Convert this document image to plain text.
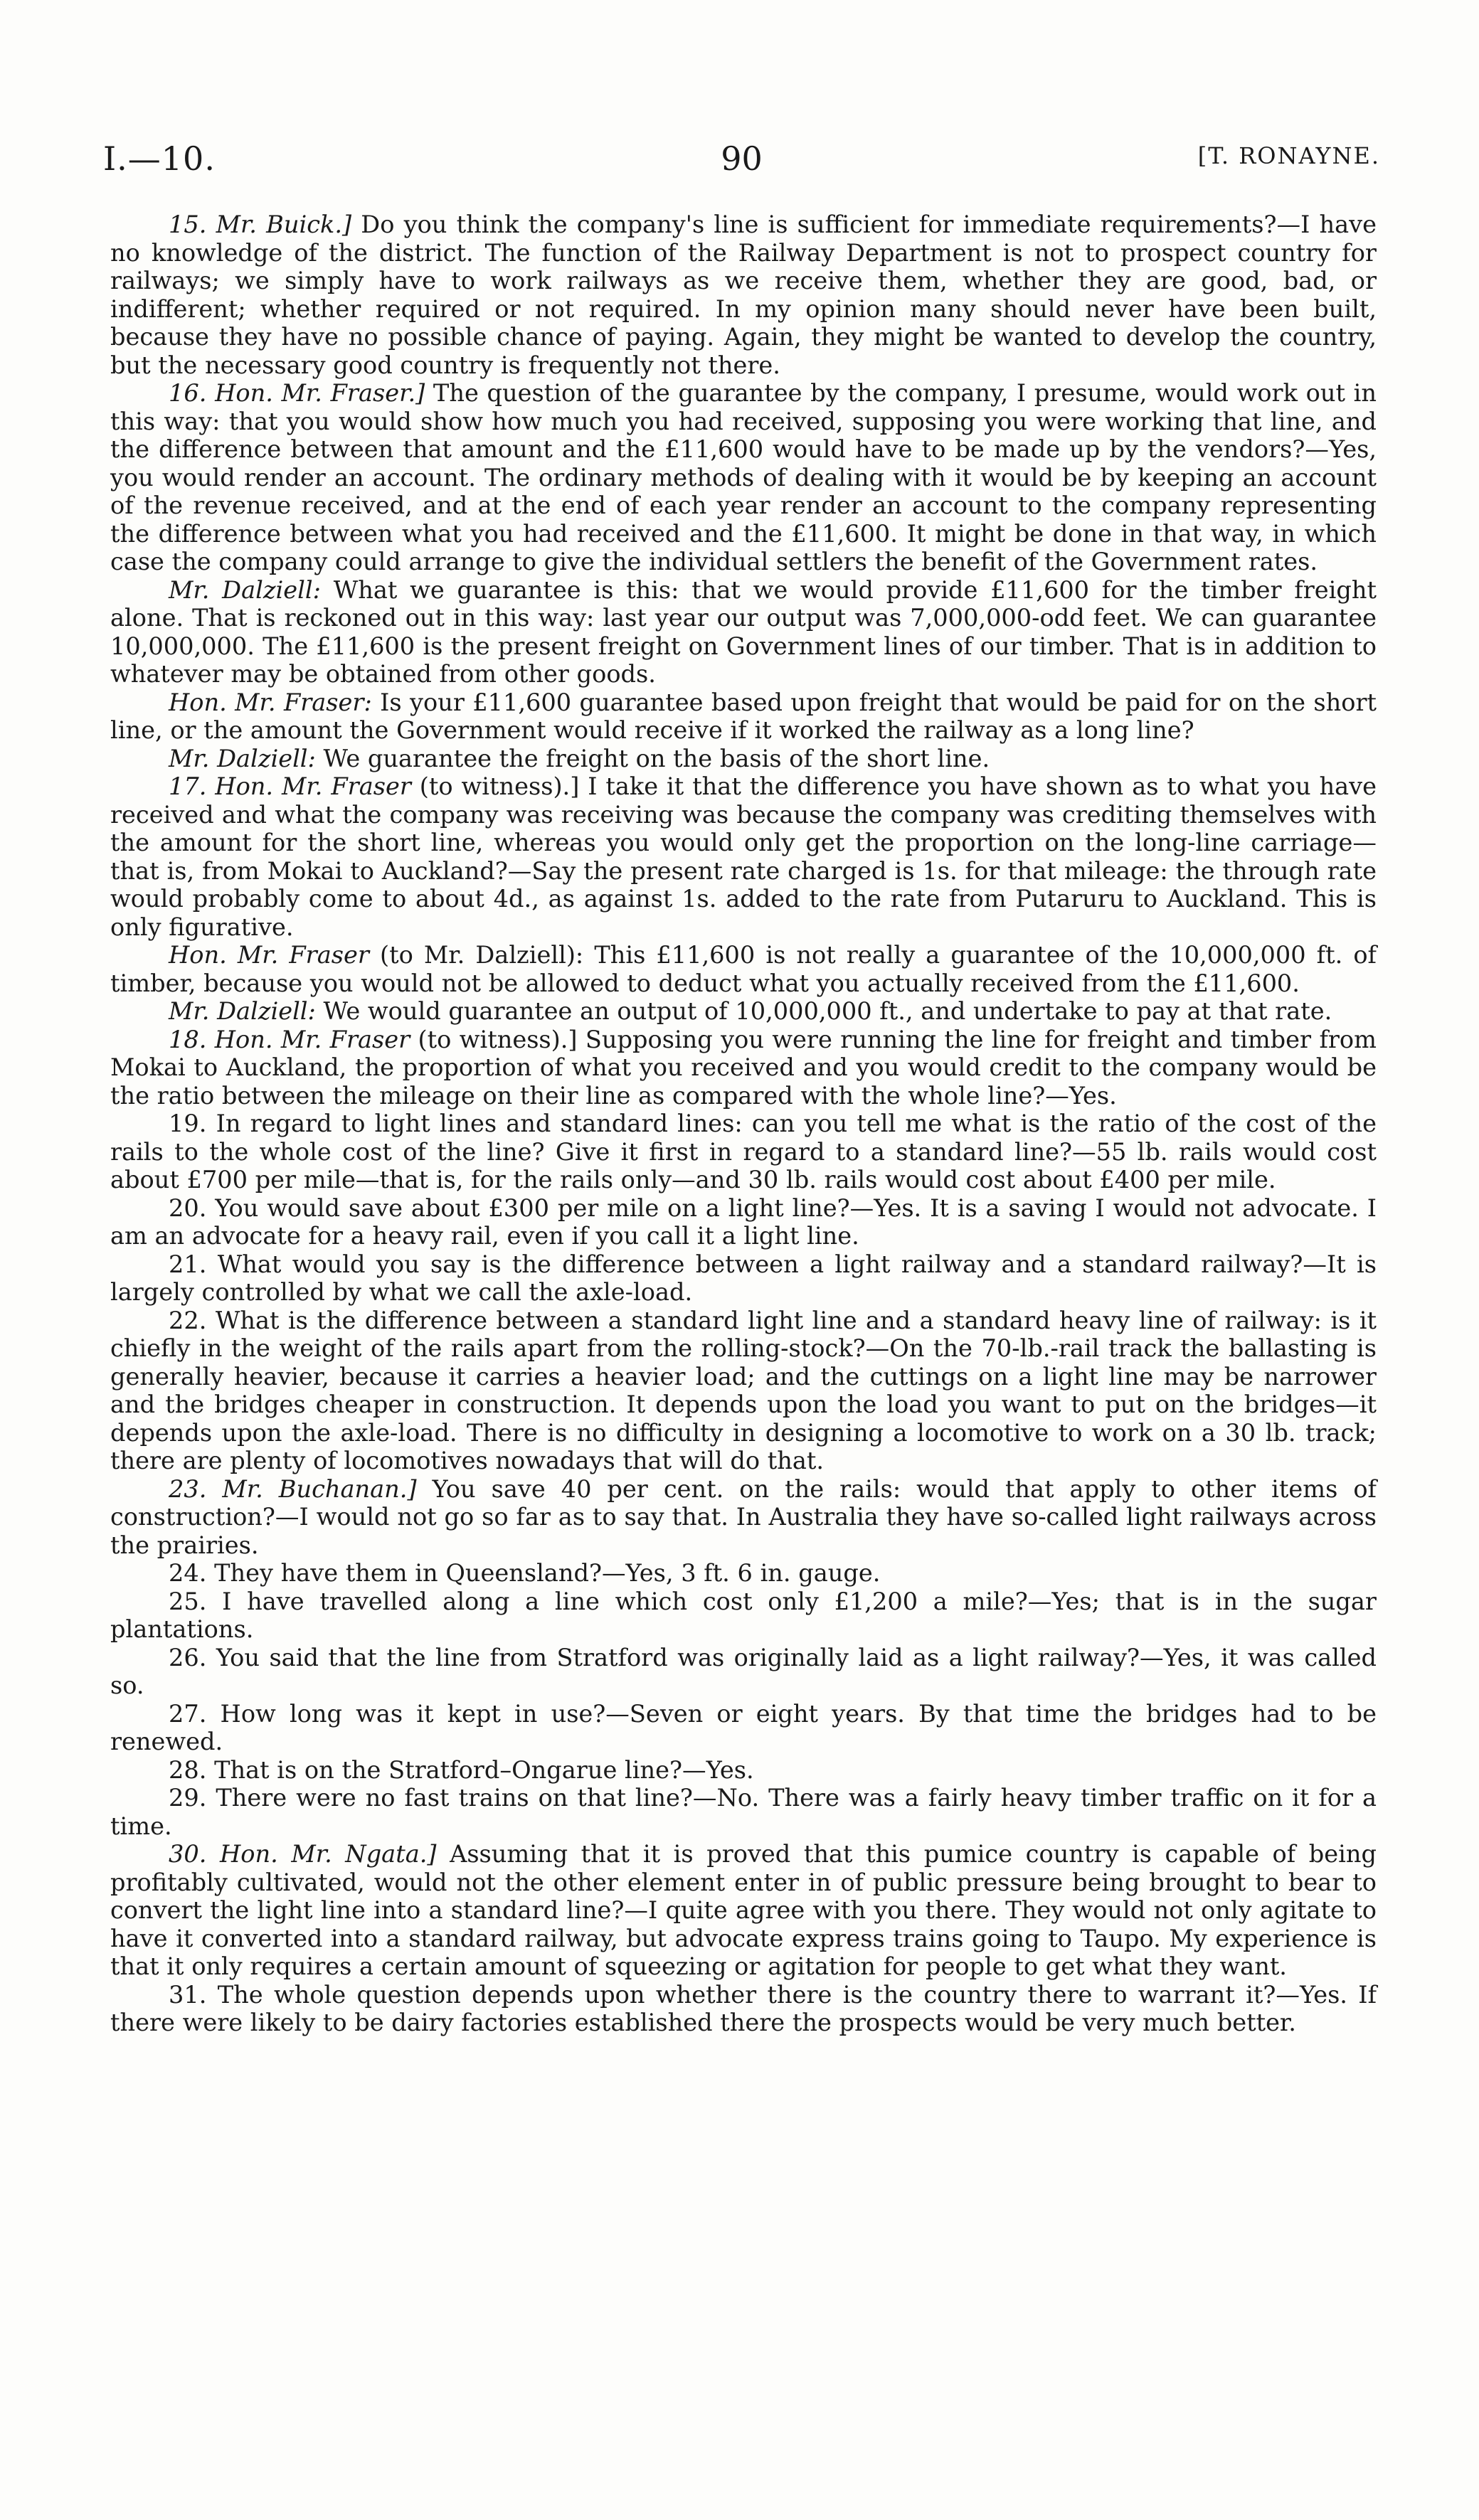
I.—10.	90	[T. RONAYNE.

15. Mr. Buick.] Do you think the company's line is sufficient for immediate requirements?—I have no knowledge of the district. The function of the Railway Department is not to prospect country for railways; we simply have to work railways as we receive them, whether they are good, bad, or indifferent; whether required or not required. In my opinion many should never have been built, because they have no possible chance of paying. Again, they might be wanted to develop the country, but the necessary good country is frequently not there.

16. Hon. Mr. Fraser.] The question of the guarantee by the company, I presume, would work out in this way: that you would show how much you had received, supposing you were working that line, and the difference between that amount and the £11,600 would have to be made up by the vendors?—Yes, you would render an account. The ordinary methods of dealing with it would be by keeping an account of the revenue received, and at the end of each year render an account to the company representing the difference between what you had received and the £11,600. It might be done in that way, in which case the company could arrange to give the individual settlers the benefit of the Government rates.

Mr. Dalziell: What we guarantee is this: that we would provide £11,600 for the timber freight alone. That is reckoned out in this way: last year our output was 7,000,000-odd feet. We can guarantee 10,000,000. The £11,600 is the present freight on Government lines of our timber. That is in addition to whatever may be obtained from other goods.

Hon. Mr. Fraser: Is your £11,600 guarantee based upon freight that would be paid for on the short line, or the amount the Government would receive if it worked the railway as a long line?

Mr. Dalziell: We guarantee the freight on the basis of the short line.

17. Hon. Mr. Fraser (to witness).] I take it that the difference you have shown as to what you have received and what the company was receiving was because the company was crediting themselves with the amount for the short line, whereas you would only get the proportion on the long-line carriage—that is, from Mokai to Auckland?—Say the present rate charged is 1s. for that mileage: the through rate would probably come to about 4d., as against 1s. added to the rate from Putaruru to Auckland. This is only figurative.

Hon. Mr. Fraser (to Mr. Dalziell): This £11,600 is not really a guarantee of the 10,000,000 ft. of timber, because you would not be allowed to deduct what you actually received from the £11,600.

Mr. Dalziell: We would guarantee an output of 10,000,000 ft., and undertake to pay at that rate.

18. Hon. Mr. Fraser (to witness).] Supposing you were running the line for freight and timber from Mokai to Auckland, the proportion of what you received and you would credit to the company would be the ratio between the mileage on their line as compared with the whole line?—Yes.

19. In regard to light lines and standard lines: can you tell me what is the ratio of the cost of the rails to the whole cost of the line? Give it first in regard to a standard line?—55 lb. rails would cost about £700 per mile—that is, for the rails only—and 30 lb. rails would cost about £400 per mile.

20. You would save about £300 per mile on a light line?—Yes. It is a saving I would not advocate. I am an advocate for a heavy rail, even if you call it a light line.

21. What would you say is the difference between a light railway and a standard railway?—It is largely controlled by what we call the axle-load.

22. What is the difference between a standard light line and a standard heavy line of railway: is it chiefly in the weight of the rails apart from the rolling-stock?—On the 70-lb.-rail track the ballasting is generally heavier, because it carries a heavier load; and the cuttings on a light line may be narrower and the bridges cheaper in construction. It depends upon the load you want to put on the bridges—it depends upon the axle-load. There is no difficulty in designing a locomotive to work on a 30 lb. track; there are plenty of locomotives nowadays that will do that.

23. Mr. Buchanan.] You save 40 per cent. on the rails: would that apply to other items of construction?—I would not go so far as to say that. In Australia they have so-called light railways across the prairies.

24. They have them in Queensland?—Yes, 3 ft. 6 in. gauge.

25. I have travelled along a line which cost only £1,200 a mile?—Yes; that is in the sugar plantations.

26. You said that the line from Stratford was originally laid as a light railway?—Yes, it was called so.

27. How long was it kept in use?—Seven or eight years. By that time the bridges had to be renewed.

28. That is on the Stratford–Ongarue line?—Yes.

29. There were no fast trains on that line?—No. There was a fairly heavy timber traffic on it for a time.

30. Hon. Mr. Ngata.] Assuming that it is proved that this pumice country is capable of being profitably cultivated, would not the other element enter in of public pressure being brought to bear to convert the light line into a standard line?—I quite agree with you there. They would not only agitate to have it converted into a standard railway, but advocate express trains going to Taupo. My experience is that it only requires a certain amount of squeezing or agitation for people to get what they want.

31. The whole question depends upon whether there is the country there to warrant it?—Yes. If there were likely to be dairy factories established there the prospects would be very much better.
